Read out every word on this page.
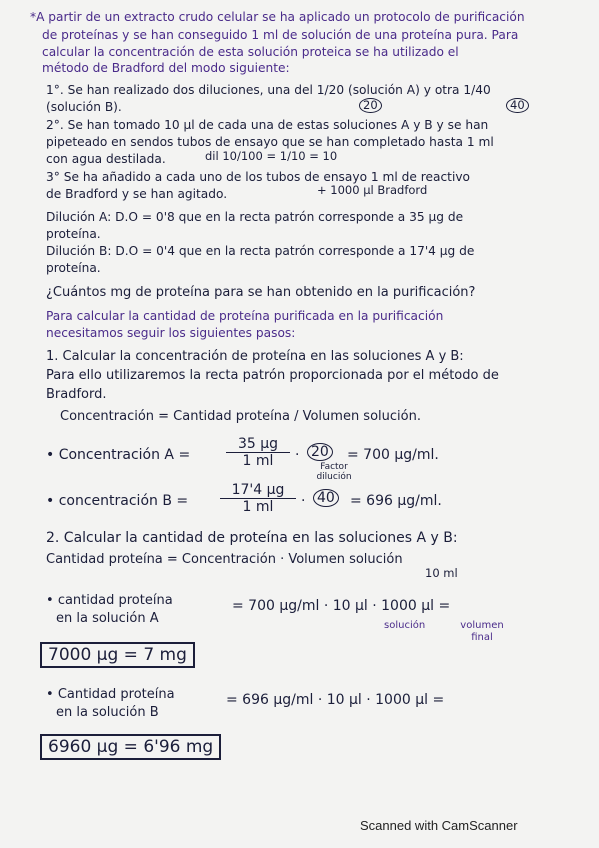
*A partir de un extracto crudo celular se ha aplicado un protocolo de purificación
de proteínas y se han conseguido 1 ml de solución de una proteína pura. Para
calcular la concentración de esta solución proteica se ha utilizado el
método de Bradford del modo siguiente:
1°. Se han realizado dos diluciones, una del 1/20 (solución A) y otra 1/40
(solución B).	20	40
2°. Se han tomado 10 µl de cada una de estas soluciones A y B y se han
pipeteado en sendos tubos de ensayo que se han completado hasta 1 ml
con agua destilada.	dil 10/100 = 1/10 = 10
3° Se ha añadido a cada uno de los tubos de ensayo 1 ml de reactivo
de Bradford y se han agitado.	+ 1000 µl Bradford
Dilución A: D.O = 0'8 que en la recta patrón corresponde a 35 µg de
proteína.
Dilución B: D.O = 0'4 que en la recta patrón corresponde a 17'4 µg de
proteína.
¿Cuántos mg de proteína para se han obtenido en la purificación?
Para calcular la cantidad de proteína purificada en la purificación
necesitamos seguir los siguientes pasos:
1. Calcular la concentración de proteína en las soluciones A y B:
Para ello utilizaremos la recta patrón proporcionada por el método de
Bradford.
Concentración = Cantidad proteína / Volumen solución.
• Concentración A =
35 µg
1 ml	· 20
Factor dilución
= 700 µg/ml.
• concentración B =
17'4 µg
1 ml	· 40 = 696 µg/ml.
2. Calcular la cantidad de proteína en las soluciones A y B:
Cantidad proteína = Concentración · Volumen solución
10 ml
• cantidad proteína
en la solución A
= 700 µg/ml · 10 µl · 1000 µl =
solución	volumen final
7000 µg = 7 mg
• Cantidad proteína
en la solución B
= 696 µg/ml · 10 µl · 1000 µl =
6960 µg = 6'96 mg
Scanned with CamScanner
